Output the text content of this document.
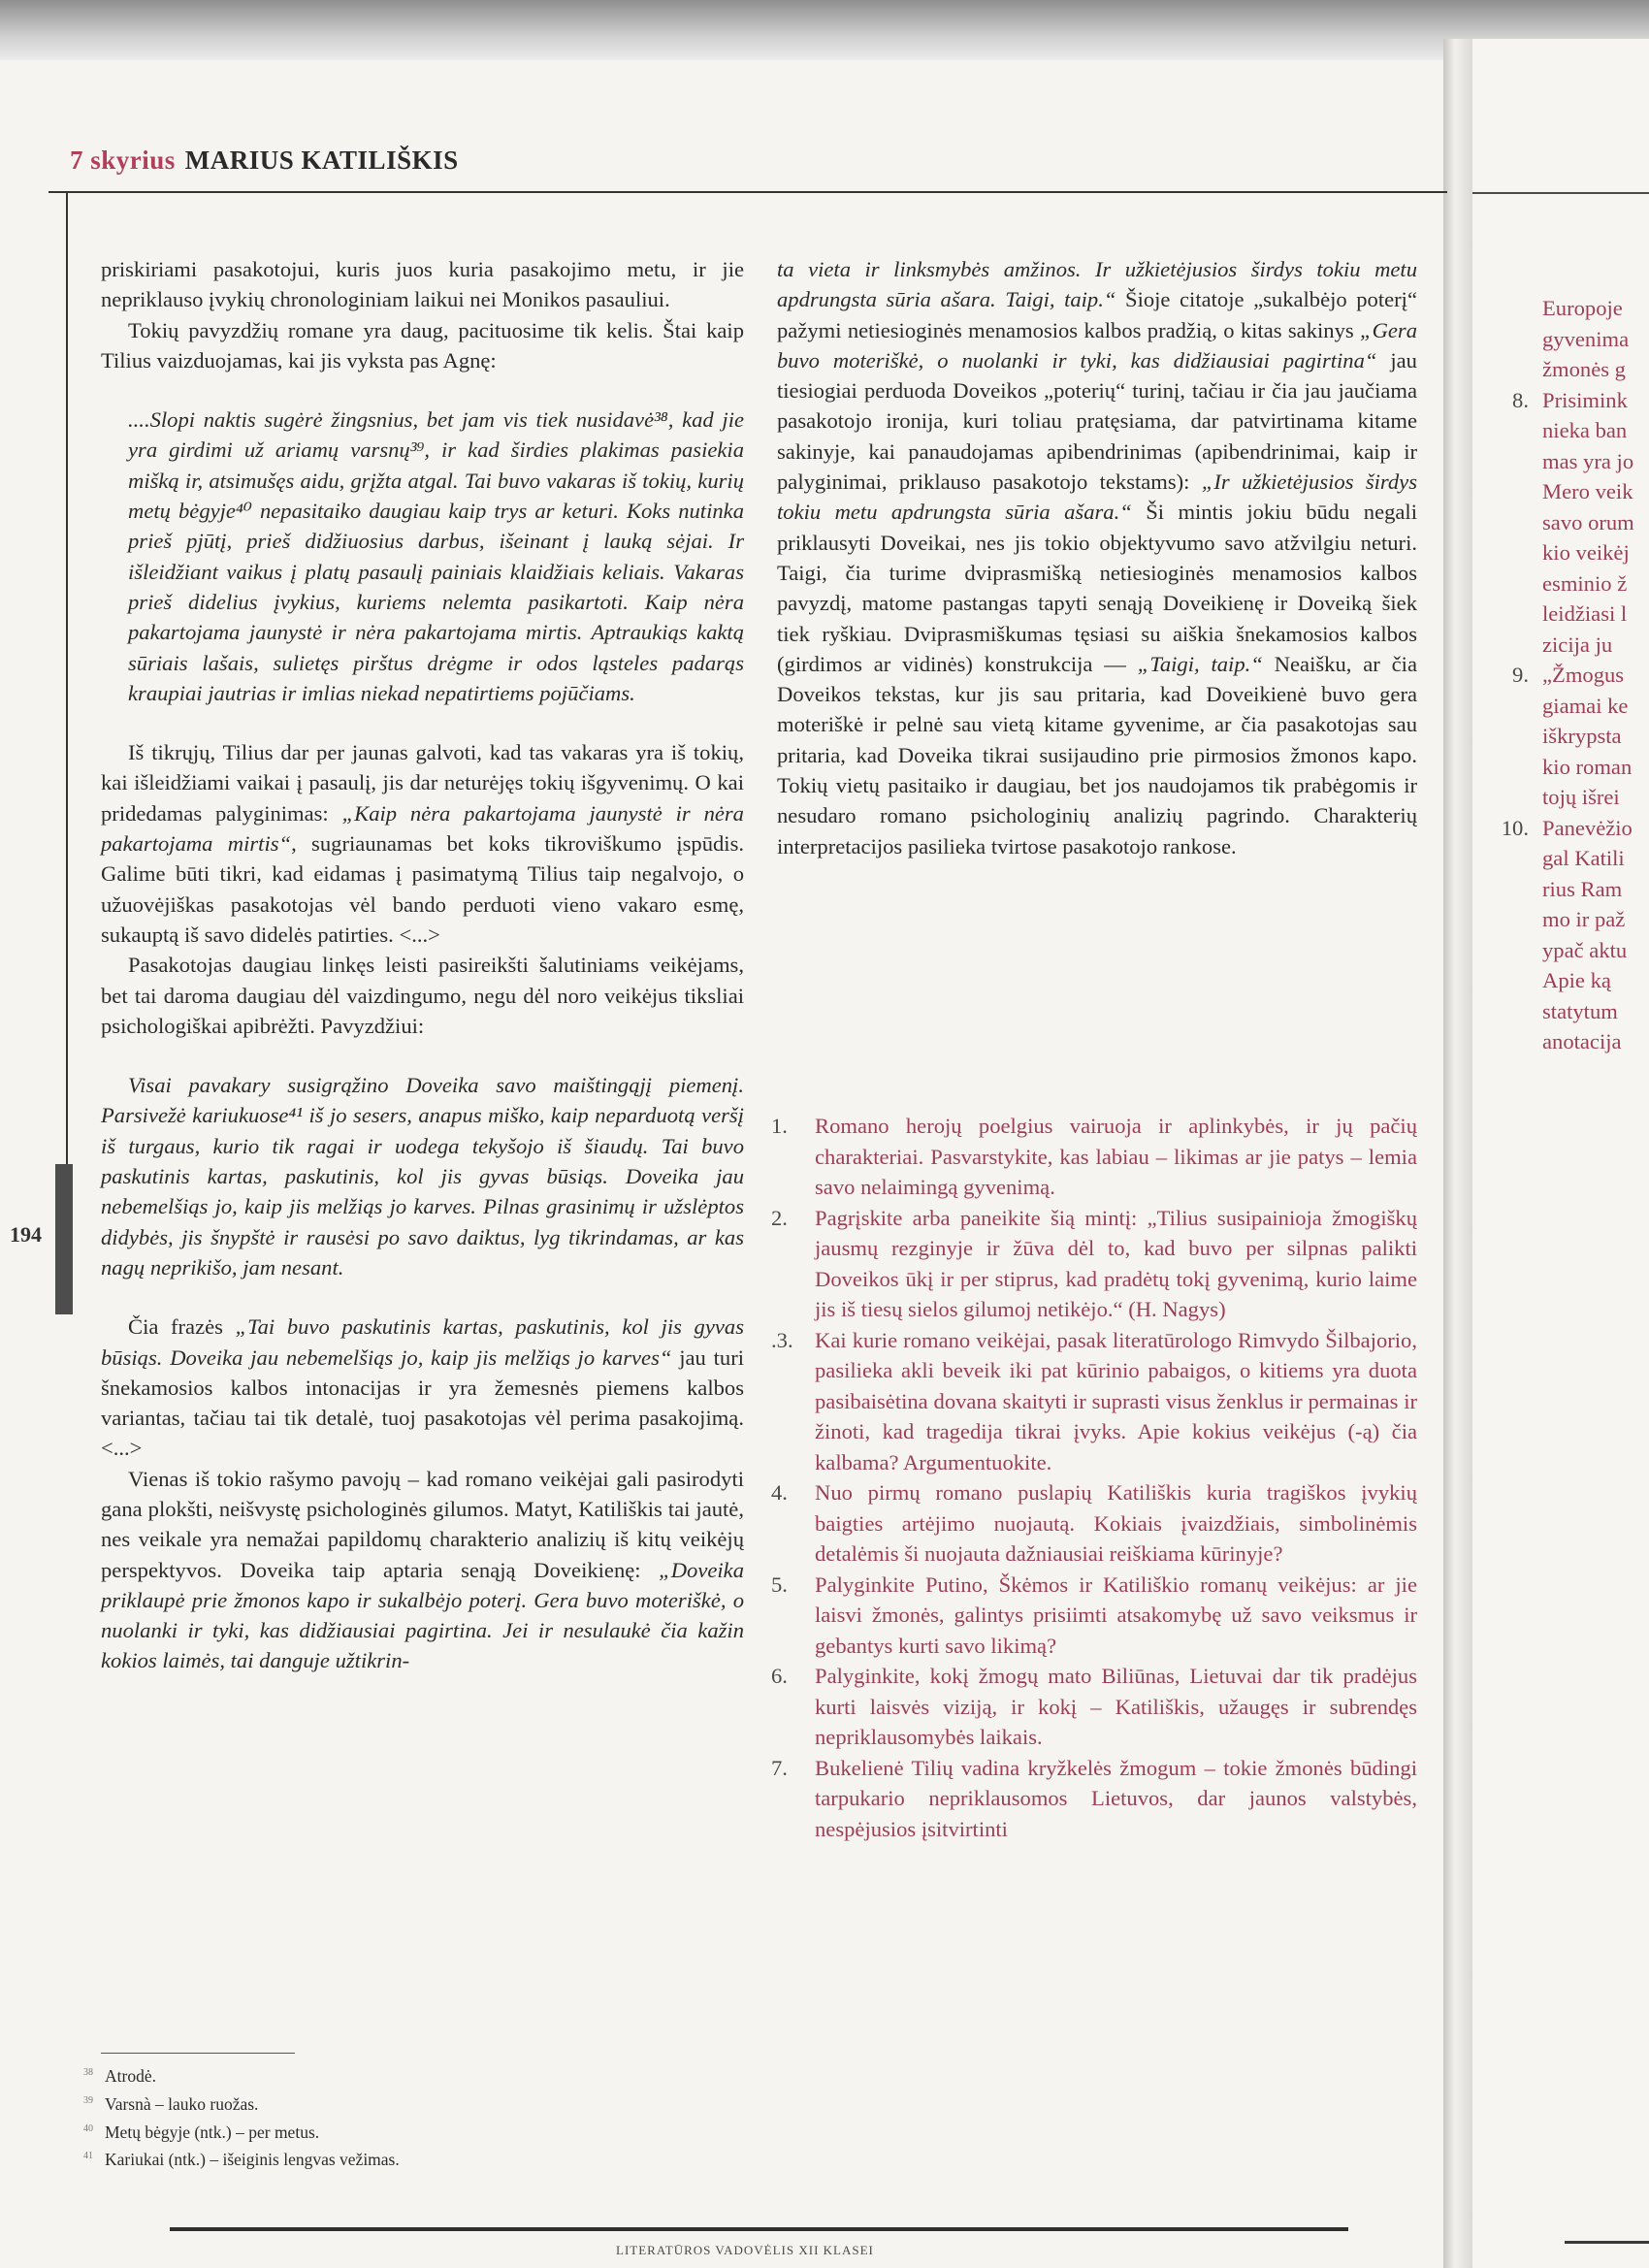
Europoje
gyvenima
žmonės g
8. Prisimink
nieka ban
mas yra jo
Mero veik
savo orum
kio veikėj
esminio ž
leidžiasi l
zicija ju
9. „Žmogus
giamai ke
iškrypsta
kio roman
tojų išrei
10. Panevėžio
gal Katili
rius Ram
mo ir paž
ypač aktu
Apie ką
statytum
anotacija
7 skyrius MARIUS KATILIŠKIS
194

priskiriami pasakotojui, kuris juos kuria pasakojimo metu, ir jie nepriklauso įvykių chronologiniam laikui nei Monikos pasauliui.

Tokių pavyzdžių romane yra daug, pacituosime tik kelis. Štai kaip Tilius vaizduojamas, kai jis vyksta pas Agnę:

....Slopi naktis sugėrė žingsnius, bet jam vis tiek nusidavė³⁸, kad jie yra girdimi už ariamų varsnų³⁹, ir kad širdies plakimas pasiekia mišką ir, atsimušęs aidu, grįžta atgal. Tai buvo vakaras iš tokių, kurių metų bėgyje⁴⁰ nepasitaiko daugiau kaip trys ar keturi. Koks nutinka prieš pjūtį, prieš didžiuosius darbus, išeinant į lauką sėjai. Ir išleidžiant vaikus į platų pasaulį painiais klaidžiais keliais. Vakaras prieš didelius įvykius, kuriems nelemta pasikartoti. Kaip nėra pakartojama jaunystė ir nėra pakartojama mirtis. Aptraukiąs kaktą sūriais lašais, sulietęs pirštus drėgme ir odos ląsteles padarąs kraupiai jautrias ir imlias niekad nepatirtiems pojūčiams.

Iš tikrųjų, Tilius dar per jaunas galvoti, kad tas vakaras yra iš tokių, kai išleidžiami vaikai į pasaulį, jis dar neturėjęs tokių išgyvenimų. O kai pridedamas palyginimas: „Kaip nėra pakartojama jaunystė ir nėra pakartojama mirtis“, sugriaunamas bet koks tikroviškumo įspūdis. Galime būti tikri, kad eidamas į pasimatymą Tilius taip negalvojo, o užuovėjiškas pasakotojas vėl bando perduoti vieno vakaro esmę, sukauptą iš savo didelės patirties. <...>

Pasakotojas daugiau linkęs leisti pasireikšti šalutiniams veikėjams, bet tai daroma daugiau dėl vaizdingumo, negu dėl noro veikėjus tiksliai psichologiškai apibrėžti. Pavyzdžiui:

Visai pavakary susigrąžino Doveika savo maištingąjį piemenį. Parsivežė kariukuose⁴¹ iš jo sesers, anapus miško, kaip neparduotą veršį iš turgaus, kurio tik ragai ir uodega tekyšojo iš šiaudų. Tai buvo paskutinis kartas, paskutinis, kol jis gyvas būsiąs. Doveika jau nebemelšiąs jo, kaip jis melžiąs jo karves. Pilnas grasinimų ir užslėptos didybės, jis šnypštė ir rausėsi po savo daiktus, lyg tikrindamas, ar kas nagų neprikišo, jam nesant.

Čia frazės „Tai buvo paskutinis kartas, paskutinis, kol jis gyvas būsiąs. Doveika jau nebemelšiąs jo, kaip jis melžiąs jo karves“ jau turi šnekamosios kalbos intonacijas ir yra žemesnės piemens kalbos variantas, tačiau tai tik detalė, tuoj pasakotojas vėl perima pasakojimą. <...>

Vienas iš tokio rašymo pavojų – kad romano veikėjai gali pasirodyti gana plokšti, neišvystę psichologinės gilumos. Matyt, Katiliškis tai jautė, nes veikale yra nemažai papildomų charakterio analizių iš kitų veikėjų perspektyvos. Doveika taip aptaria senąją Doveikienę: „Doveika priklaupė prie žmonos kapo ir sukalbėjo poterį. Gera buvo moteriškė, o nuolanki ir tyki, kas didžiausiai pagirtina. Jei ir nesulaukė čia kažin kokios laimės, tai danguje užtikrin-

$^{38}$ Atrodė.
$^{39}$ Varsnà – lauko ruožas.
$^{40}$ Metų bėgyje (ntk.) – per metus.
$^{41}$ Kariukai (ntk.) – išeiginis lengvas vežimas.

ta vieta ir linksmybės amžinos. Ir užkietėjusios širdys tokiu metu apdrungsta sūria ašara. Taigi, taip.“ Šioje citatoje „sukalbėjo poterį“ pažymi netiesioginės menamosios kalbos pradžią, o kitas sakinys „Gera buvo moteriškė, o nuolanki ir tyki, kas didžiausiai pagirtina“ jau tiesiogiai perduoda Doveikos „poterių“ turinį, tačiau ir čia jau jaučiama pasakotojo ironija, kuri toliau pratęsiama, dar patvirtinama kitame sakinyje, kai panaudojamas apibendrinimas (apibendrinimai, kaip ir palyginimai, priklauso pasakotojo tekstams): „Ir užkietėjusios širdys tokiu metu apdrungsta sūria ašara.“ Ši mintis jokiu būdu negali priklausyti Doveikai, nes jis tokio objektyvumo savo atžvilgiu neturi. Taigi, čia turime dviprasmišką netiesioginės menamosios kalbos pavyzdį, matome pastangas tapyti senąją Doveikienę ir Doveiką šiek tiek ryškiau. Dviprasmiškumas tęsiasi su aiškia šnekamosios kalbos (girdimos ar vidinės) konstrukcija — „Taigi, taip.“ Neaišku, ar čia Doveikos tekstas, kur jis sau pritaria, kad Doveikienė buvo gera moteriškė ir pelnė sau vietą kitame gyvenime, ar čia pasakotojas sau pritaria, kad Doveika tikrai susijaudino prie pirmosios žmonos kapo. Tokių vietų pasitaiko ir daugiau, bet jos naudojamos tik prabėgomis ir nesudaro romano psichologinių analizių pagrindo. Charakterių interpretacijos pasilieka tvirtose pasakotojo rankose.

1.	Romano herojų poelgius vairuoja ir aplinkybės, ir jų pačių charakteriai. Pasvarstykite, kas labiau – likimas ar jie patys – lemia savo nelaimingą gyvenimą.
2.	Pagrįskite arba paneikite šią mintį: „Tilius susipainioja žmogiškų jausmų rezginyje ir žūva dėl to, kad buvo per silpnas palikti Doveikos ūkį ir per stiprus, kad pradėtų tokį gyvenimą, kurio laime jis iš tiesų sielos gilumoj netikėjo.“ (H. Nagys)
.3. Kai kurie romano veikėjai, pasak literatūrologo Rimvydo Šilbajorio, pasilieka akli beveik iki pat kūrinio pabaigos, o kitiems yra duota pasibaisėtina dovana skaityti ir suprasti visus ženklus ir permainas ir žinoti, kad tragedija tikrai įvyks. Apie kokius veikėjus (-ą) čia kalbama? Argumentuokite.
4.	Nuo pirmų romano puslapių Katiliškis kuria tragiškos įvykių baigties artėjimo nuojautą. Kokiais įvaizdžiais, simbolinėmis detalėmis ši nuojauta dažniausiai reiškiama kūrinyje?
5.	Palyginkite Putino, Škėmos ir Katiliškio romanų veikėjus: ar jie laisvi žmonės, galintys prisiimti atsakomybę už savo veiksmus ir gebantys kurti savo likimą?
6.	Palyginkite, kokį žmogų mato Biliūnas, Lietuvai dar tik pradėjus kurti laisvės viziją, ir kokį – Katiliškis, užaugęs ir subrendęs nepriklausomybės laikais.
7.	Bukelienė Tilių vadina kryžkelės žmogum – tokie žmonės būdingi tarpukario nepriklausomos Lietuvos, dar jaunos valstybės, nespėjusios įsitvirtinti
LITERATŪROS VADOVĖLIS XII KLASEI
